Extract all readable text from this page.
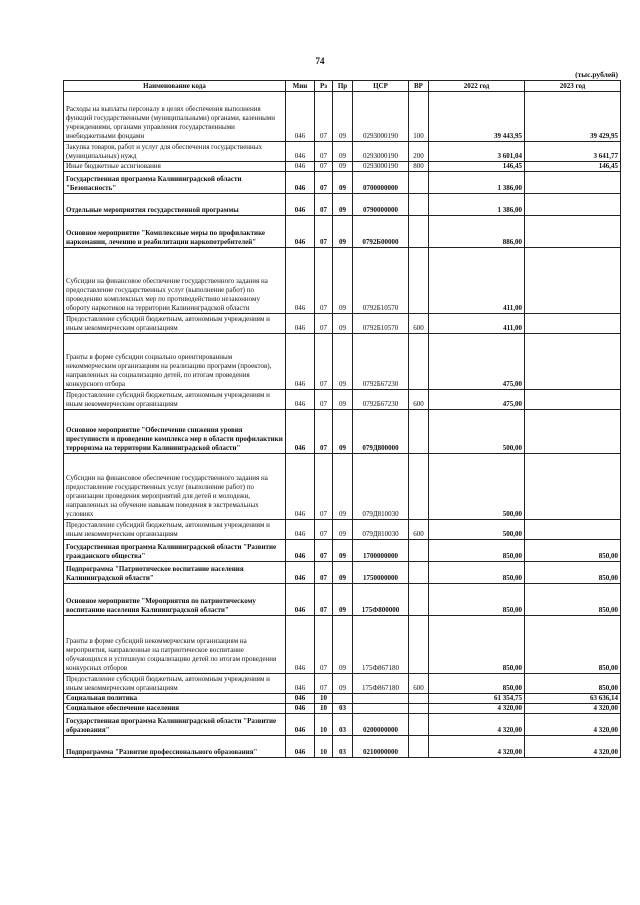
74
(тыс.рублей)
Наименование кода	Мин	Рз	Пр	ЦСР	ВР	2022 год	2023 год
Расходы на выплаты персоналу в целях обеспечения выполнения функций государственными (муниципальными) органами, казенными учреждениями, органами управления государственными внебюджетными фондами	046	07	09	0293000190	100	39 443,95	39 429,95
Закупка товаров, работ и услуг для обеспечения государственных (муниципальных) нужд	046	07	09	0293000190	200	3 601,04	3 641,77
Иные бюджетные ассигнования	046	07	09	0293000190	800	146,45	146,45
Государственная программа Калининградской области "Безопасность"	046	07	09	0700000000		1 386,00	
Отдельные мероприятия государственной программы	046	07	09	0790000000		1 386,00	
Основное мероприятие "Комплексные меры по профилактике наркомании, лечению и реабилитации наркопотребителей"	046	07	09	0792Б00000		886,00	

Субсидии на финансовое обеспечение государственного задания на предоставление государственных услуг (выполнение работ) по проведению комплексных мер по противодействию незаконному обороту наркотиков на территории Калининградской области	046	07	09	0792Б10570		411,00	
Предоставление субсидий бюджетным, автономным учреждениям и иным некоммерческим организациям	046	07	09	0792Б10570	600	411,00	

Гранты в форме субсидии социально ориентированным некоммерческим организациям на реализацию программ (проектов), направленных на социализацию детей, по итогам проведения конкурсного отбора	046	07	09	0792Б67230		475,00	
Предоставление субсидий бюджетным, автономным учреждениям и иным некоммерческим организациям	046	07	09	0792Б67230	600	475,00	
Основное мероприятие "Обеспечение снижения уровня преступности и проведение комплекса мер в области профилактики терроризма на территории Калининградской области"	046	07	09	079Д800000		500,00	

Субсидии на финансовое обеспечение государственного задания на предоставление государственных услуг (выполнение работ) по организации проведения мероприятий для детей и молодежи, направленных на обучение навыкам поведения в экстремальных условиях	046	07	09	079Д810030		500,00	
Предоставление субсидий бюджетным, автономным учреждениям и иным некоммерческим организациям	046	07	09	079Д810030	600	500,00	
Государственная программа Калининградской области "Развитие гражданского общества"	046	07	09	1700000000		850,00	850,00
Подпрограмма "Патриотическое воспитание населения Калининградской области"	046	07	09	1750000000		850,00	850,00
Основное мероприятие "Мероприятия по патриотическому воспитанию населения Калининградской области"	046	07	09	175Ф800000		850,00	850,00
Гранты в форме субсидий некоммерческим организациям на мероприятия, направленные на патриотическое воспитание обучающихся и успешную социализацию детей по итогам проведения конкурсных отборов	046	07	09	175Ф867180		850,00	850,00
Предоставление субсидий бюджетным, автономным учреждениям и иным некоммерческим организациям	046	07	09	175Ф867180	600	850,00	850,00
Социальная политика	046	10				61 354,75	63 636,14
Социальное обеспечение населения	046	10	03			4 320,00	4 320,00
Государственная программа Калининградской области "Развитие образования"	046	10	03	0200000000		4 320,00	4 320,00
Подпрограмма "Развитие профессионального образования"	046	10	03	0210000000		4 320,00	4 320,00
